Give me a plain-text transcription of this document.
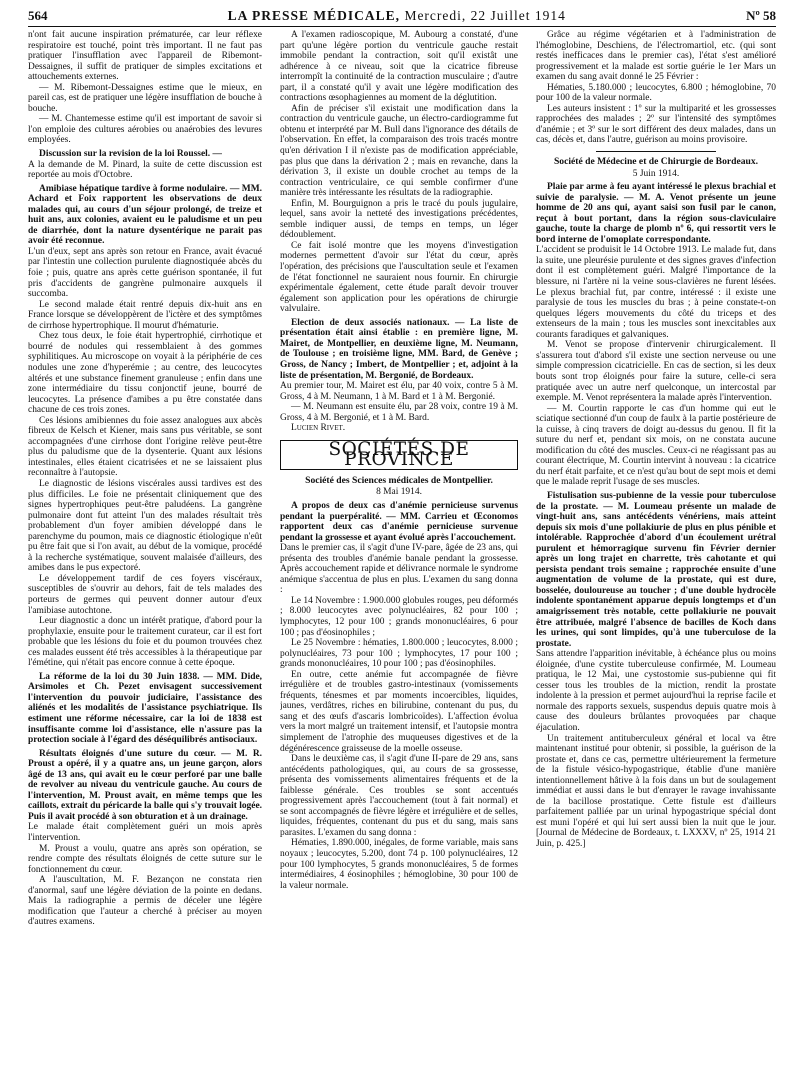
564	LA PRESSE MÉDICALE, Mercredi, 22 Juillet 1914	Nº 58

n'ont fait aucune inspiration prématurée, car leur réflexe respiratoire est touché, point très important. Il ne faut pas pratiquer l'insufflation avec l'appareil de Ribemont-Dessaignes, il suffit de pratiquer de simples excitations et attouchements externes.

— M. Ribemont-Dessaignes estime que le mieux, en pareil cas, est de pratiquer une légère insufflation de bouche à bouche.

— M. Chantemesse estime qu'il est important de savoir si l'on emploie des cultures aérobies ou anaérobies des levures employées.

Discussion sur la revision de la loi Roussel. —

A la demande de M. Pinard, la suite de cette discussion est reportée au mois d'Octobre.

Amibiase hépatique tardive à forme nodulaire. — MM. Achard et Foix rapportent les observations de deux malades qui, au cours d'un séjour prolongé, de treize et huit ans, aux colonies, avaient eu le paludisme et un peu de diarrhée, dont la nature dysentérique ne parait pas avoir été reconnue.

L'un d'eux, sept ans après son retour en France, avait évacué par l'intestin une collection purulente diagnostiquée abcès du foie ; puis, quatre ans après cette guérison spontanée, il fut pris d'accidents de gangrène pulmonaire auxquels il succomba.

Le second malade était rentré depuis dix-huit ans en France lorsque se développèrent de l'ictère et des symptômes de cirrhose hypertrophique. Il mourut d'hématurie.

Chez tous deux, le foie était hypertrophié, cirrhotique et bourré de nodules qui ressemblaient à des gommes syphilitiques. Au microscope on voyait à la périphérie de ces nodules une zone d'hyperémie ; au centre, des leucocytes altérés et une substance finement granuleuse ; enfin dans une zone intermédiaire du tissu conjonctif jeune, bourré de leucocytes. La présence d'amibes a pu être constatée dans chacune de ces trois zones.

Ces lésions amibiennes du foie assez analogues aux abcès fibreux de Kelsch et Kiener, mais sans pus véritable, se sont accompagnées d'une cirrhose dont l'origine relève peut-être plus du paludisme que de la dysenterie. Quant aux lésions intestinales, elles étaient cicatrisées et ne se laissaient plus reconnaître à l'autopsie.

Le diagnostic de lésions viscérales aussi tardives est des plus difficiles. Le foie ne présentait cliniquement que des signes hypertrophiques peut-être paludéens. La gangrène pulmonaire dont fut atteint l'un des malades résultait très probablement d'un foyer amibien développé dans le parenchyme du poumon, mais ce diagnostic étiologique n'eût pu être fait que si l'on avait, au début de la vomique, procédé à la recherche systématique, souvent malaisée d'ailleurs, des amibes dans le pus expectoré.

Le développement tardif de ces foyers viscéraux, susceptibles de s'ouvrir au dehors, fait de tels malades des porteurs de germes qui peuvent donner autour d'eux l'amibiase autochtone.

Leur diagnostic a donc un intérêt pratique, d'abord pour la prophylaxie, ensuite pour le traitement curateur, car il est fort probable que les lésions du foie et du poumon trouvées chez ces malades eussent été très accessibles à la thérapeutique par l'émétine, qui n'était pas encore connue à cette époque.

La réforme de la loi du 30 Juin 1838. — MM. Dide, Arsimoles et Ch. Pezet envisagent successivement l'intervention du pouvoir judiciaire, l'assistance des aliénés et les modalités de l'assistance psychiatrique. Ils estiment une réforme nécessaire, car la loi de 1838 est insuffisante comme loi d'assistance, elle n'assure pas la protection sociale à l'égard des déséquilibrés antisociaux.
Résultats éloignés d'une suture du cœur. — M. R. Proust a opéré, il y a quatre ans, un jeune garçon, alors âgé de 13 ans, qui avait eu le cœur perforé par une balle de revolver au niveau du ventricule gauche. Au cours de l'intervention, M. Proust avait, en même temps que les caillots, extrait du péricarde la balle qui s'y trouvait logée. Puis il avait procédé à son obturation et à un drainage.

Le malade était complètement guéri un mois après l'intervention.

M. Proust a voulu, quatre ans après son opération, se rendre compte des résultats éloignés de cette suture sur le fonctionnement du cœur.

A l'auscultation, M. F. Bezançon ne constata rien d'anormal, sauf une légère déviation de la pointe en dedans. Mais la radiographie a permis de déceler une légère modification que l'auteur a cherché à préciser au moyen d'autres examens.

A l'examen radioscopique, M. Aubourg a constaté, d'une part qu'une légère portion du ventricule gauche restait immobile pendant la contraction, soit qu'il existât une adhérence à ce niveau, soit que la cicatrice fibreuse interrompît la continuité de la contraction musculaire ; d'autre part, il a constaté qu'il y avait une légère modification des contractions œsophagiennes au moment de la déglutition.

Afin de préciser s'il existait une modification dans la contraction du ventricule gauche, un électro-cardiogramme fut obtenu et interprété par M. Bull dans l'ignorance des détails de l'observation. En effet, la comparaison des trois tracés montre qu'en dérivation I il n'existe pas de modification appréciable, pas plus que dans la dérivation 2 ; mais en revanche, dans la dérivation 3, il existe un double crochet au temps de la contraction ventriculaire, ce qui semble confirmer d'une manière très intéressante les résultats de la radiographie.

Enfin, M. Bourguignon a pris le tracé du pouls jugulaire, lequel, sans avoir la netteté des investigations précédentes, semble indiquer aussi, de temps en temps, un léger dédoublement.

Ce fait isolé montre que les moyens d'investigation modernes permettent d'avoir sur l'état du cœur, après l'opération, des précisions que l'auscultation seule et l'examen de l'état fonctionnel ne sauraient nous fournir. En chirurgie expérimentale également, cette étude paraît devoir trouver également son application pour les opérations de chirurgie valvulaire.

Election de deux associés nationaux. — La liste de présentation était ainsi établie : en première ligne, M. Mairet, de Montpellier, en deuxième ligne, M. Neumann, de Toulouse ; en troisième ligne, MM. Bard, de Genève ; Gross, de Nancy ; Imbert, de Montpellier ; et, adjoint à la liste de présentation, M. Bergonié, de Bordeaux.

Au premier tour, M. Mairet est élu, par 40 voix, contre 5 à M. Gross, 4 à M. Neumann, 1 à M. Bard et 1 à M. Bergonié.

— M. Neumann est ensuite élu, par 28 voix, contre 19 à M. Gross, 4 à M. Bergonié, et 1 à M. Bard.

Lucien Rivet.

SOCIÉTÉS DE PROVINCE
Société des Sciences médicales de Montpellier.
8 Mai 1914.
A propos de deux cas d'anémie pernicieuse survenus pendant la puerpéralité. — MM. Carrieu et Œconomos rapportent deux cas d'anémie pernicieuse survenue pendant la grossesse et ayant évolué après l'accouchement.

Dans le premier cas, il s'agit d'une IV-pare, âgée de 23 ans, qui présenta des troubles d'anémie banale pendant la grossesse. Après accouchement rapide et délivrance normale le syndrome anémique s'accentua de plus en plus. L'examen du sang donna :

Le 14 Novembre : 1.900.000 globules rouges, peu déformés ; 8.000 leucocytes avec polynucléaires, 82 pour 100 ; lymphocytes, 12 pour 100 ; grands mononucléaires, 6 pour 100 ; pas d'éosinophiles ;

Le 25 Novembre : hématies, 1.800.000 ; leucocytes, 8.000 ; polynucléaires, 73 pour 100 ; lymphocytes, 17 pour 100 ; grands mononucléaires, 10 pour 100 ; pas d'éosinophiles.

En outre, cette anémie fut accompagnée de fièvre irrégulière et de troubles gastro-intestinaux (vomissements fréquents, ténesmes et par moments incoercibles, liquides, jaunes, verdâtres, riches en bilirubine, contenant du pus, du sang et des œufs d'ascaris lombricoïdes). L'affection évolua vers la mort malgré un traitement intensif, et l'autopsie montra simplement de l'atrophie des muqueuses digestives et de la dégénérescence graisseuse de la moelle osseuse.

Dans le deuxième cas, il s'agit d'une II-pare de 29 ans, sans antécédents pathologiques, qui, au cours de sa grossesse, présenta des vomissements alimentaires fréquents et de la faiblesse générale. Ces troubles se sont accentués progressivement après l'accouchement (tout à fait normal) et se sont accompagnés de fièvre légère et irrégulière et de selles, liquides, fréquentes, contenant du pus et du sang, mais sans parasites. L'examen du sang donna :

Hématies, 1.890.000, inégales, de forme variable, mais sans noyaux ; leucocytes, 5.200, dont 74 p. 100 polynucléaires, 12 pour 100 lymphocytes, 5 grands mononucléaires, 5 de formes intermédiaires, 4 éosinophiles ; hémoglobine, 30 pour 100 de la valeur normale.

Grâce au régime végétarien et à l'administration de l'hémoglobine, Deschiens, de l'électromartiol, etc. (qui sont restés inefficaces dans le premier cas), l'état s'est amélioré progressivement et la malade est sortie guérie le 1er Mars un examen du sang avait donné le 25 Février :

Hématies, 5.180.000 ; leucocytes, 6.800 ; hémoglobine, 70 pour 100 de la valeur normale.

Les auteurs insistent : 1º sur la multiparité et les grossesses rapprochées des malades ; 2º sur l'intensité des symptômes d'anémie ; et 3º sur le sort différent des deux malades, dans un cas, décès et, dans l'autre, guérison au moins provisoire.

Société de Médecine et de Chirurgie de Bordeaux.
5 Juin 1914.
Plaie par arme à feu ayant intéressé le plexus brachial et suivie de paralysie. — M. A. Venot présente un jeune homme de 20 ans qui, ayant saisi son fusil par le canon, reçut à bout portant, dans la région sous-claviculaire gauche, toute la charge de plomb nº 6, qui ressortit vers le bord interne de l'omoplate correspondante.

L'accident se produisit le 14 Octobre 1913. Le malade fut, dans la suite, une pleurésie purulente et des signes graves d'infection dont il est complètement guéri. Malgré l'importance de la blessure, ni l'artère ni la veine sous-clavières ne furent lésées. Le plexus brachial fut, par contre, intéressé : il existe une paralysie de tous les muscles du bras ; à peine constate-t-on quelques légers mouvements du côté du triceps et des extenseurs de la main ; tous les muscles sont inexcitables aux courants faradiques et galvaniques.

M. Venot se propose d'intervenir chirurgicalement. Il s'assurera tout d'abord s'il existe une section nerveuse ou une simple compression cicatricielle. En cas de section, si les deux bouts sont trop éloignés pour faire la suture, celle-ci sera pratiquée avec un autre nerf quelconque, un intercostal par exemple. M. Venot représentera la malade après l'intervention.

— M. Courtin rapporte le cas d'un homme qui eut le sciatique sectionné d'un coup de faulx à la partie postérieure de la cuisse, à cinq travers de doigt au-dessus du genou. Il fit la suture du nerf et, pendant six mois, on ne constata aucune modification du côté des muscles. Ceux-ci ne réagissant pas au courant électrique, M. Courtin intervint à nouveau : la cicatrice du nerf était parfaite, et ce n'est qu'au bout de sept mois et demi que le malade reprit l'usage de ses muscles.

Fistulisation sus-pubienne de la vessie pour tuberculose de la prostate. — M. Loumeau présente un malade de vingt-huit ans, sans antécédents vénériens, mais atteint depuis six mois d'une pollakiurie de plus en plus pénible et intolérable. Rapprochée d'abord d'un écoulement urétral purulent et hémorragique survenu fin Février dernier après un long trajet en charrette, très cahotante et qui persista pendant trois semaine ; rapprochée ensuite d'une augmentation de volume de la prostate, qui est dure, bosselée, douloureuse au toucher ; d'une double hydrocèle indolente spontanément apparue depuis longtemps et d'un amaigrissement très notable, cette pollakiurie ne pouvait être attribuée, malgré l'absence de bacilles de Koch dans les urines, qui sont limpides, qu'à une tuberculose de la prostate.

Sans attendre l'apparition inévitable, à échéance plus ou moins éloignée, d'une cystite tuberculeuse confirmée, M. Loumeau pratiqua, le 12 Mai, une cystostomie sus-pubienne qui fit cesser tous les troubles de la miction, rendit la prostate indolente à la pression et permet aujourd'hui la reprise facile et normale des rapports sexuels, suspendus depuis quatre mois à cause des douleurs brûlantes provoquées par chaque éjaculation.

Un traitement antituberculeux général et local va être maintenant institué pour obtenir, si possible, la guérison de la prostate et, dans ce cas, permettre ultérieurement la fermeture de la fistule vésico-hypogastrique, établie d'une manière intentionnellement hâtive à la fois dans un but de soulagement immédiat et aussi dans le but d'enrayer le ravage invahissante de la bacillose prostatique. Cette fistule est d'ailleurs parfaitement palliée par un urinal hypogastrique spécial dont est muni l'opéré et qui lui sert aussi bien la nuit que le jour. [Journal de Médecine de Bordeaux, t. LXXXV, nº 25, 1914 21 Juin, p. 425.]
